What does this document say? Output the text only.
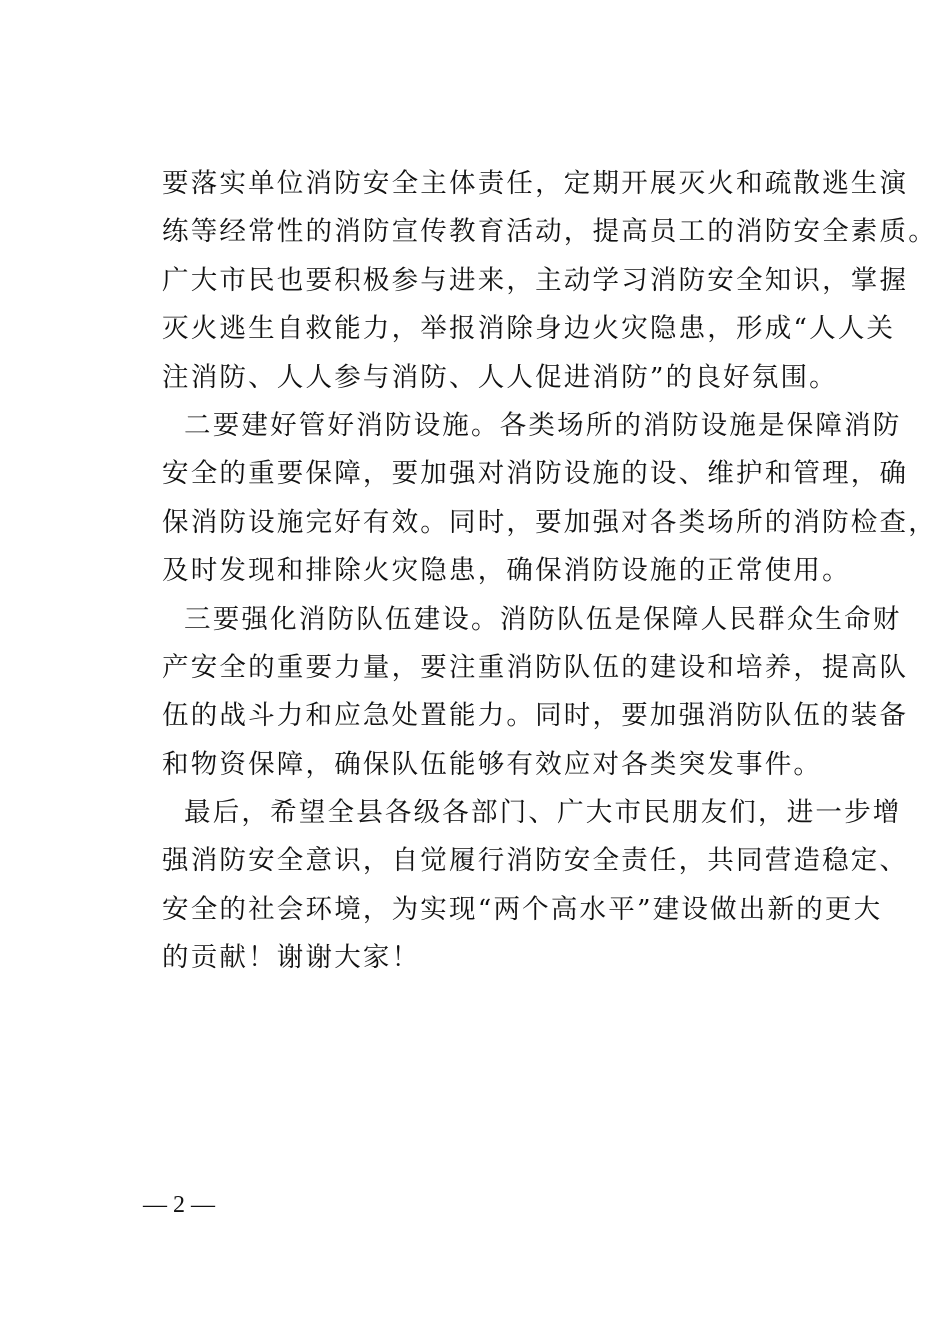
要落实单位消防安全主体责任，定期开展灭火和疏散逃生演
练等经常性的消防宣传教育活动，提高员工的消防安全素质。
广大市民也要积极参与进来，主动学习消防安全知识，掌握
灭火逃生自救能力，举报消除身边火灾隐患，形成“人人关
注消防、人人参与消防、人人促进消防”的良好氛围。
二要建好管好消防设施。各类场所的消防设施是保障消防
安全的重要保障，要加强对消防设施的设、维护和管理，确
保消防设施完好有效。同时，要加强对各类场所的消防检查，
及时发现和排除火灾隐患，确保消防设施的正常使用。
三要强化消防队伍建设。消防队伍是保障人民群众生命财
产安全的重要力量，要注重消防队伍的建设和培养，提高队
伍的战斗力和应急处置能力。同时，要加强消防队伍的装备
和物资保障，确保队伍能够有效应对各类突发事件。
最后，希望全县各级各部门、广大市民朋友们，进一步增
强消防安全意识，自觉履行消防安全责任，共同营造稳定、
安全的社会环境，为实现“两个高水平”建设做出新的更大
的贡献！谢谢大家！
— 2 —
